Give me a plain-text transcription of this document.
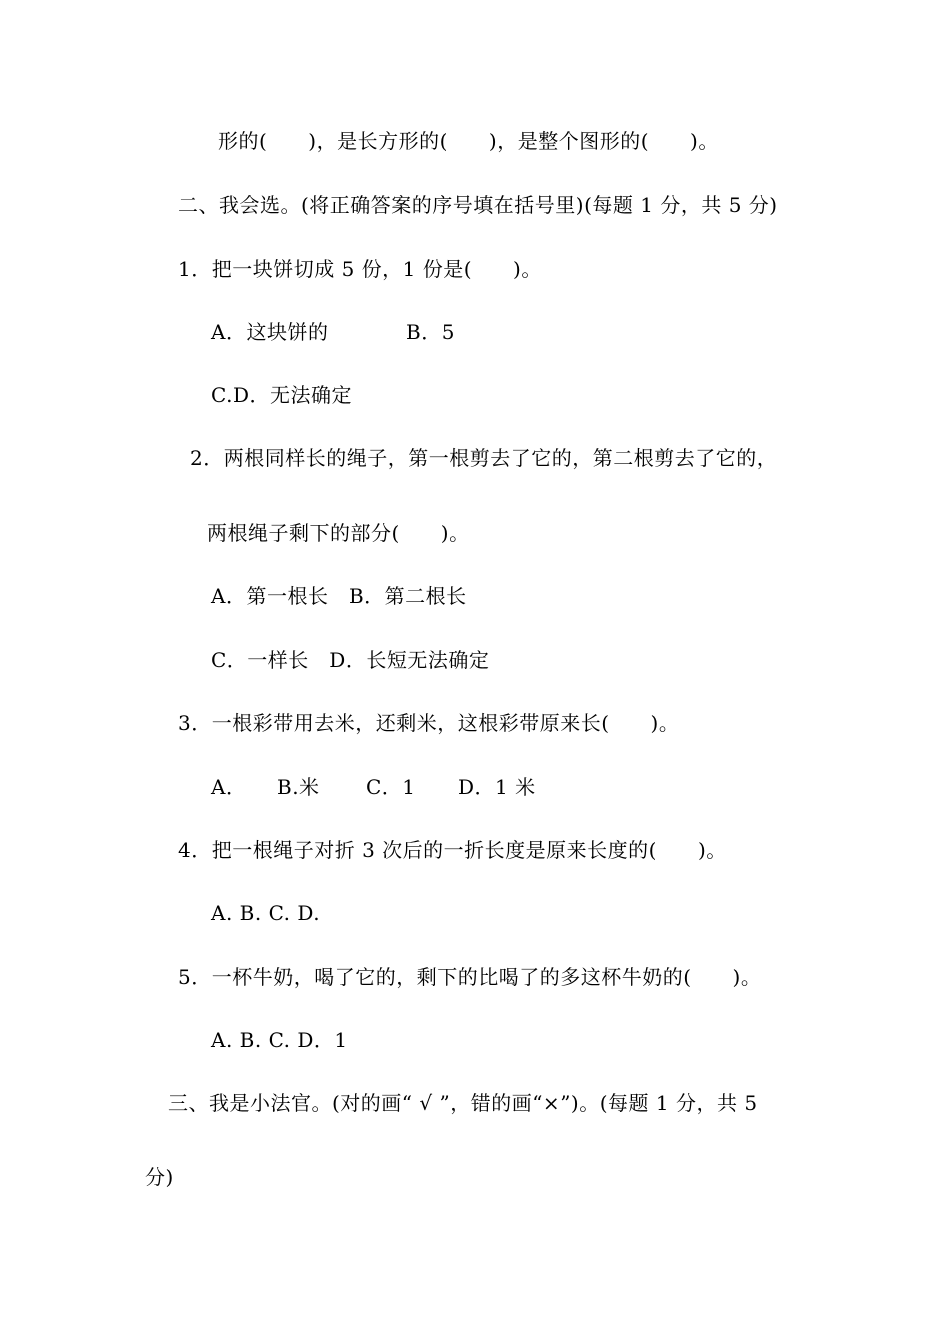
形的(　　)，是长方形的(　　)，是整个图形的(　　)。
二、我会选。(将正确答案的序号填在括号里)(每题 1 分，共 5 分)
1．把一块饼切成 5 份，1 份是(　　)。
A．这块饼的	B．5
C.D．无法确定
2．两根同样长的绳子，第一根剪去了它的，第二根剪去了它的，
两根绳子剩下的部分(　　)。
A．第一根长　B．第二根长
C．一样长　D．长短无法确定
3．一根彩带用去米，还剩米，这根彩带原来长(　　)。
A． B.米 C．1 D．1 米
4．把一根绳子对折 3 次后的一折长度是原来长度的(　　)。
A. B. C. D.
5．一杯牛奶，喝了它的，剩下的比喝了的多这杯牛奶的(　　)。
A. B. C. D．1
三、我是小法官。(对的画“ √ ”，错的画“×”)。(每题 1 分，共 5
分)
